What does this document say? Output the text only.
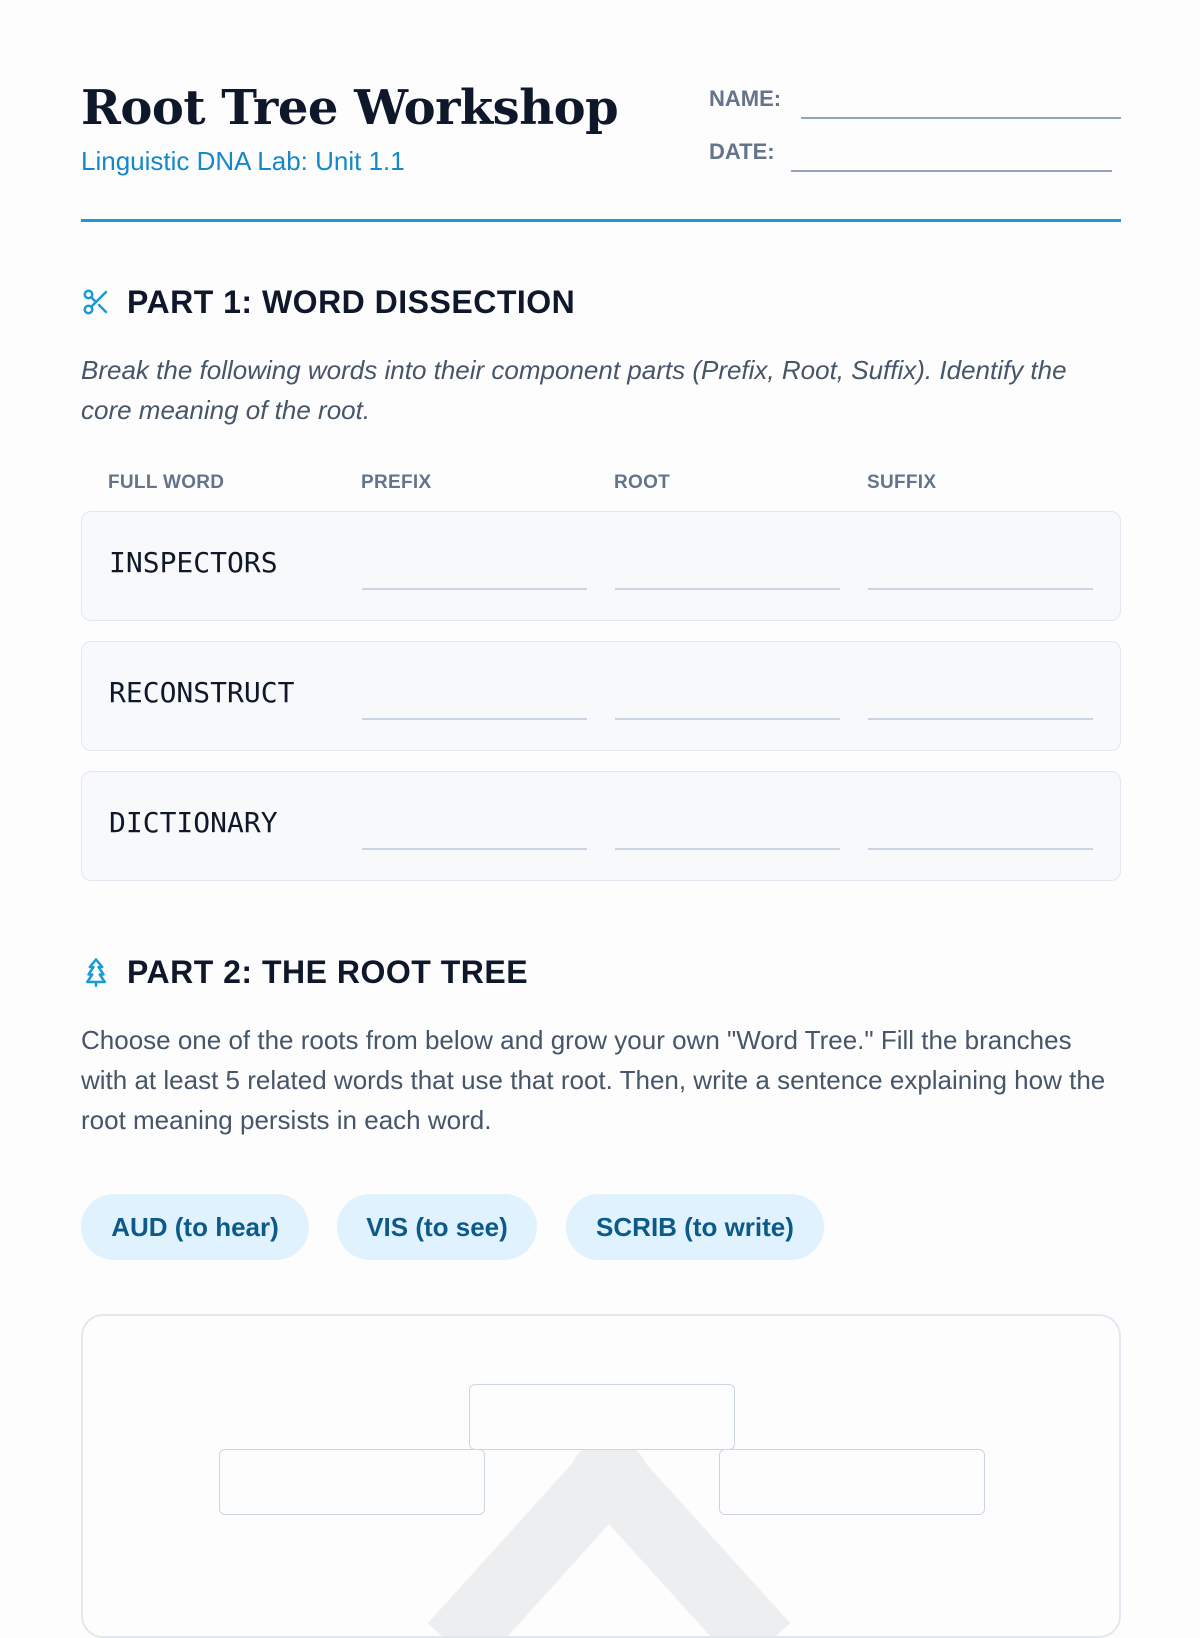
Root Tree Workshop
Linguistic DNA Lab: Unit 1.1
NAME:
DATE:
PART 1: WORD DISSECTION

Break the following words into their component parts (Prefix, Root, Suffix). Identify the core meaning of the root.

FULL WORD	PREFIX	ROOT	SUFFIX
INSPECTORS
RECONSTRUCT
DICTIONARY
PART 2: THE ROOT TREE

Choose one of the roots from below and grow your own "Word Tree." Fill the branches with at least 5 related words that use that root. Then, write a sentence explaining how the root meaning persists in each word.

AUD (to hear)	VIS (to see)	SCRIB (to write)
